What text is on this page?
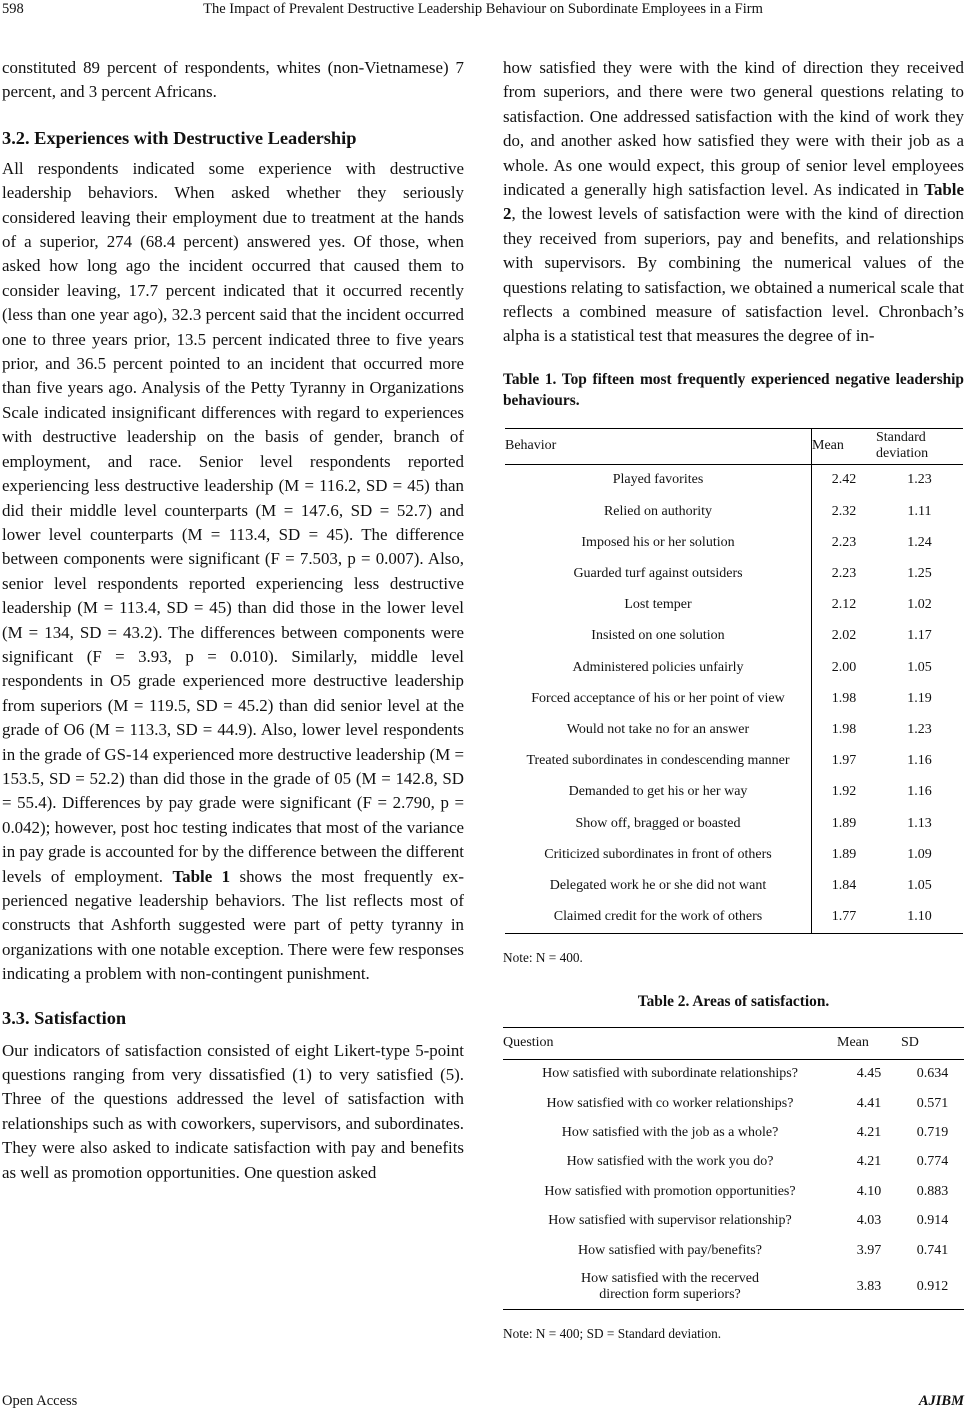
598	The Impact of Prevalent Destructive Leadership Behaviour on Subordinate Employees in a Firm

constituted 89 percent of respondents, whites (non-Vietnamese) 7 percent, and 3 percent Africans.

3.2. Experiences with Destructive Leadership

All respondents indicated some experience with destructive leadership behaviors. When asked whether they seriously considered leaving their employment due to treatment at the hands of a superior, 274 (68.4 percent) answered yes. Of those, when asked how long ago the incident occurred that caused them to consider leaving, 17.7 percent indicated that it occurred recently (less than one year ago), 32.3 percent said that the incident occurred one to three years prior, 13.5 percent indicated three to five years prior, and 36.5 percent pointed to an incident that occurred more than five years ago. Analysis of the Petty Tyranny in Organizations Scale indicated insignificant differences with regard to experiences with destructive leadership on the basis of gender, branch of employment, and race. Senior level respondents reported experiencing less destructive leadership (M = 116.2, SD = 45) than did their middle level counterparts (M = 147.6, SD = 52.7) and lower level counterparts (M = 113.4, SD = 45). The difference between components were significant (F = 7.503, p = 0.007). Also, senior level respondents reported experiencing less destructive leadership (M = 113.4, SD = 45) than did those in the lower level (M = 134, SD = 43.2). The differences between components were significant (F = 3.93, p = 0.010). Similarly, middle level respondents in O5 grade experienced more destructive leadership from superiors (M = 119.5, SD = 45.2) than did senior level at the grade of O6 (M = 113.3, SD = 44.9). Also, lower level respondents in the grade of GS-14 experienced more destructive leadership (M = 153.5, SD = 52.2) than did those in the grade of 05 (M = 142.8, SD = 55.4). Differences by pay grade were significant (F = 2.790, p = 0.042); however, post hoc testing indicates that most of the variance in pay grade is accounted for by the difference between the different levels of employment. Table 1 shows the most frequently experienced negative leadership behaviors. The list reflects most of constructs that Ashforth suggested were part of petty tyranny in organizations with one notable exception. There were few responses indicating a problem with non-contingent punishment.

3.3. Satisfaction

Our indicators of satisfaction consisted of eight Likert-type 5-point questions ranging from very dissatisfied (1) to very satisfied (5). Three of the questions addressed the level of satisfaction with relationships such as with coworkers, supervisors, and subordinates. They were also asked to indicate satisfaction with pay and benefits as well as promotion opportunities. One question asked

how satisfied they were with the kind of direction they received from superiors, and there were two general questions relating to satisfaction. One addressed satisfaction with the kind of work they do, and another asked how satisfied they were with their job as a whole. As one would expect, this group of senior level employees indicated a generally high satisfaction level. As indicated in Table 2, the lowest levels of satisfaction were with the kind of direction they received from superiors, pay and benefits, and relationships with supervisors. By combining the numerical values of the questions relating to satisfaction, we obtained a numerical scale that reflects a combined measure of satisfaction level. Chronbach’s alpha is a statistical test that measures the degree of in-

Table 1. Top fifteen most frequently experienced negative leadership behaviours.
Behavior	Mean	Standard
deviation
Played favorites	2.42	1.23
Relied on authority	2.32	1.11
Imposed his or her solution	2.23	1.24
Guarded turf against outsiders	2.23	1.25
Lost temper	2.12	1.02
Insisted on one solution	2.02	1.17
Administered policies unfairly	2.00	1.05
Forced acceptance of his or her point of view	1.98	1.19
Would not take no for an answer	1.98	1.23
Treated subordinates in condescending manner	1.97	1.16
Demanded to get his or her way	1.92	1.16
Show off, bragged or boasted	1.89	1.13
Criticized subordinates in front of others	1.89	1.09
Delegated work he or she did not want	1.84	1.05
Claimed credit for the work of others	1.77	1.10
Note: N = 400.
Table 2. Areas of satisfaction.
Question	Mean	SD
How satisfied with subordinate relationships?	4.45	0.634
How satisfied with co worker relationships?	4.41	0.571
How satisfied with the job as a whole?	4.21	0.719
How satisfied with the work you do?	4.21	0.774
How satisfied with promotion opportunities?	4.10	0.883
How satisfied with supervisor relationship?	4.03	0.914
How satisfied with pay/benefits?	3.97	0.741
How satisfied with the recerved
direction form superiors?	3.83	0.912
Note: N = 400; SD = Standard deviation.
Open Access	AJIBM
